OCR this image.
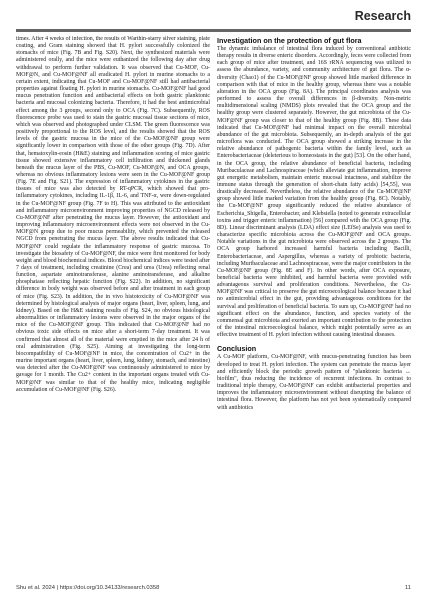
Research

times. After 4 weeks of infection, the results of Warthin-starry silver staining, plate coating, and Gram staining showed that H. pylori successfully colonized the stomachs of mice (Fig. 7B and Fig. S20). Next, the synthesized materials were administered orally, and the mice were euthanized the following day after drug withdrawal to perform further validation. It was observed that Cu-MOF, Cu-MOF@N, and Cu-MOF@NF all eradicated H. pylori in murine stomachs to a certain extent, indicating that Cu-MOF and Cu-MOF@NF still had antibacterial properties against floating H. pylori in murine stomachs. Cu-MOF@NF had good mucus penetration function and antibacterial effects on both gastric planktonic bacteria and mucosal colonizing bacteria. Therefore, it had the best antimicrobial effect among the 3 groups, second only to OCA (Fig. 7C). Subsequently, ROS fluorescence probe was used to stain the gastric mucosal tissue sections of mice, which was observed and photographed under CLSM. The green fluorescence was positively proportional to the ROS level, and the results showed that the ROS levels of the gastric mucosa in the mice of the Cu-MOF@NF group were significantly lower in comparison with those of the other groups (Fig. 7D). After that, hematoxylin-eosin (H&E) staining and inflammation scoring of mice gastric tissue showed extensive inflammatory cell infiltration and thickened glands beneath the mucus layer of the PBS, Cu-MOF, Cu-MOF@N, and OCA groups, whereas no obvious inflammatory lesions were seen in the Cu-MOF@NF group (Fig. 7E and Fig. S21). The expression of inflammatory cytokines in the gastric tissues of mice was also detected by RT-qPCR, which showed that pro-inflammatory cytokines, including IL-1β, IL-6, and TNF-α, were down-regulated in the Cu-MOF@NF group (Fig. 7F to H). This was attributed to the antioxidant and inflammatory microenvironment improving properties of NGCD released by Cu-MOF@NF after penetrating the mucus layer. However, the antioxidant and improving inflammatory microenvironment effects were not observed in the Cu-MOF@N group due to poor mucus permeability, which prevented the released NGCD from penetrating the mucus layer. The above results indicated that Cu-MOF@NF could regulate the inflammatory response of gastric mucosa. To investigate the biosafety of Cu-MOF@NF, the mice were first monitored for body weight and blood biochemical indices. Blood biochemical indices were tested after 7 days of treatment, including creatinine (Crea) and urea (Urea) reflecting renal function, aspartate aminotransferase, alanine aminotransferase, and alkaline phosphatase reflecting hepatic function (Fig. S22). In addition, no significant difference in body weight was observed before and after treatment in each group of mice (Fig. S23). In addition, the in vivo histotoxicity of Cu-MOF@NF was determined by histological analysis of major organs (heart, liver, spleen, lung, and kidney). Based on the H&E staining results of Fig. S24, no obvious histological abnormalities or inflammatory lesions were observed in the major organs of the mice of the Cu-MOF@NF group. This indicated that Cu-MOF@NF had no obvious toxic side effects on mice after a short-term 7-day treatment. It was confirmed that almost all of the material were emptied in the mice after 24 h of oral administration (Fig. S25). Aiming at investigating the long-term biocompatibility of Cu-MOF@NF in mice, the concentration of Cu2+ in the murine important organs (heart, liver, spleen, lung, kidney, stomach, and intestine) was detected after the Cu-MOF@NF was continuously administered to mice by gavage for 1 month. The Cu2+ content in the important organs treated with Cu-MOF@NF was similar to that of the healthy mice, indicating negligible accumulation of Cu-MOF@NF (Fig. S26).

Investigation on the protection of gut flora

The dynamic imbalance of intestinal flora induced by conventional antibiotic therapy results in diverse enteric disorders. Accordingly, feces were collected from each group of mice after treatment, and 16S rRNA sequencing was utilized to assess the abundance, variety, and community architecture of gut flora. The α-diversity (Chao1) of the Cu-MOF@NF group showed little marked difference in comparison with that of mice in the healthy group, whereas there was a notable alteration in the OCA group (Fig. 8A). The principal coordinates analysis was performed to assess the overall differences in β-diversity. Non-metric multidimensional scaling (NMDS) plots revealed that the OCA group and the healthy group were clustered separately. However, the gut microbiota of the Cu-MOF@NF group was closer to that of the healthy group (Fig. 8B). These data indicated that Cu-MOF@NF had minimal impact on the overall microbial abundance of the gut microbiota. Subsequently, an in-depth analysis of the gut microflora was conducted. The OCA group showed a striking increase in the relative abundance of pathogenic bacteria within the family level, such as Enterobacteriaceae (deleterious to homeostasis in the gut) [53]. On the other hand, in the OCA group, the relative abundance of beneficial bacteria, including Muribaculaceae and Lachnospiraceae (which alleviate gut inflammation, improve gut energetic metabolism, maintain enteric mucosal intactness, and stabilize the immune status through the generation of short-chain fatty acids) [54,55], was drastically decreased. Nevertheless, the relative abundance of the Cu-MOF@NF group showed little marked variation from the healthy group (Fig. 8C). Notably, the Cu-MOF@NF group significantly reduced the relative abundance of Escherichia_Shigella, Enterobacter, and Klebsiella (noted to generate extracellular toxins and trigger enteric inflammation) [56] compared with the OCA group (Fig. 8D). Linear discriminant analysis (LDA) effect size (LEfSe) analysis was used to characterize specific microbiota across the Cu-MOF@NF and OCA groups. Notable variations in the gut microbiota were observed across the 2 groups. The OCA group harbored increased harmful bacteria including Bacilli, Enterobacteriaceae, and Aspergillus, whereas a variety of probiotic bacteria, including Muribaculaceae and Lachnospiraceae, were the major contributors in the Cu-MOF@NF group (Fig. 8E and F). In other words, after OCA exposure, beneficial bacteria were inhibited, and harmful bacteria were provided with advantageous survival and proliferation conditions. Nevertheless, the Cu-MOF@NF was critical to preserve the gut microecological balance because it had no antimicrobial effect in the gut, providing advantageous conditions for the survival and proliferation of beneficial bacteria. To sum up, Cu-MOF@NF had no significant effect on the abundance, function, and species variety of the commensal gut microbiota and exerted an important contribution to the protection of the intestinal microecological balance, which might potentially serve as an effective treatment of H. pylori infection without causing intestinal diseases.

Conclusion

A Cu-MOF platform, Cu-MOF@NF, with mucus-penetrating function has been developed to treat H. pylori infection. The system can penetrate the mucus layer and efficiently block the periodic growth pattern of "planktonic bacteria ↔ biofilm", thus reducing the incidence of recurrent infections. In contrast to traditional triple therapy, Cu-MOF@NF can exhibit antibacterial properties and improves the inflammatory microenvironment without disrupting the balance of intestinal flora. However, the platform has not yet been systematically compared with antibiotics

Shu et al. 2024 | https://doi.org/10.34133/research.0358	11
